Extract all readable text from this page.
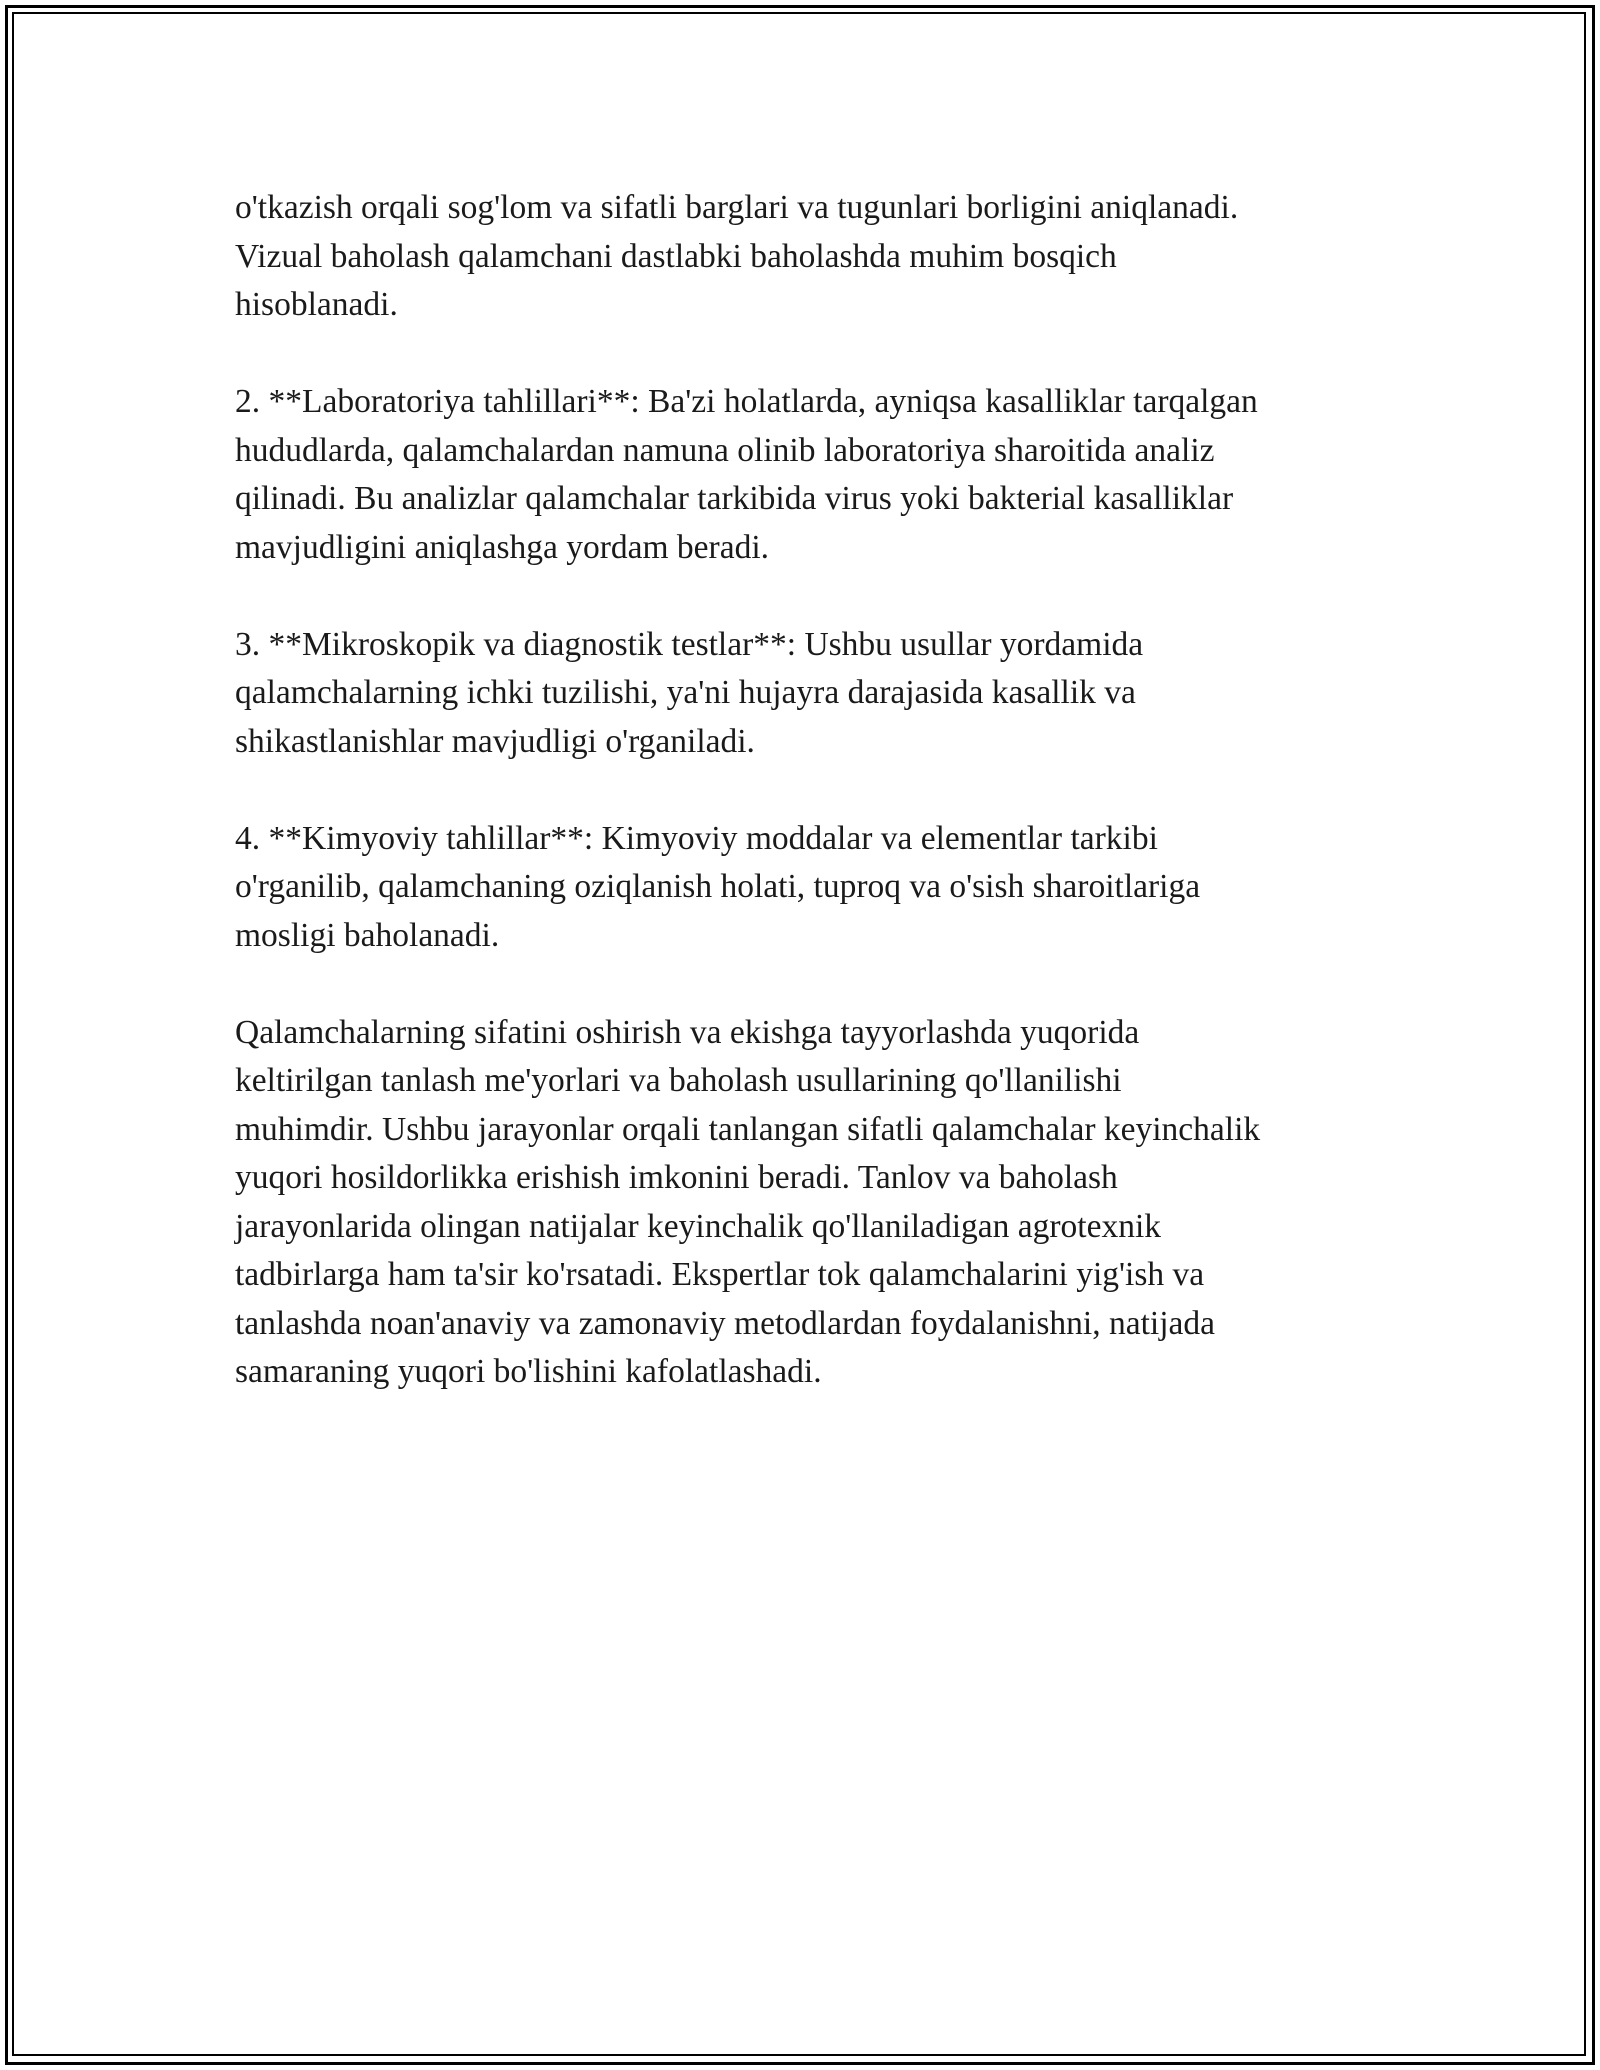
o'tkazish orqali sog'lom va sifatli barglari va tugunlari borligini aniqlanadi.
Vizual baholash qalamchani dastlabki baholashda muhim bosqich
hisoblanadi.

2. **Laboratoriya tahlillari**: Ba'zi holatlarda, ayniqsa kasalliklar tarqalgan
hududlarda, qalamchalardan namuna olinib laboratoriya sharoitida analiz
qilinadi. Bu analizlar qalamchalar tarkibida virus yoki bakterial kasalliklar
mavjudligini aniqlashga yordam beradi.

3. **Mikroskopik va diagnostik testlar**: Ushbu usullar yordamida
qalamchalarning ichki tuzilishi, ya'ni hujayra darajasida kasallik va
shikastlanishlar mavjudligi o'rganiladi.

4. **Kimyoviy tahlillar**: Kimyoviy moddalar va elementlar tarkibi
o'rganilib, qalamchaning oziqlanish holati, tuproq va o'sish sharoitlariga
mosligi baholanadi.

Qalamchalarning sifatini oshirish va ekishga tayyorlashda yuqorida
keltirilgan tanlash me'yorlari va baholash usullarining qo'llanilishi
muhimdir. Ushbu jarayonlar orqali tanlangan sifatli qalamchalar keyinchalik
yuqori hosildorlikka erishish imkonini beradi. Tanlov va baholash
jarayonlarida olingan natijalar keyinchalik qo'llaniladigan agrotexnik
tadbirlarga ham ta'sir ko'rsatadi. Ekspertlar tok qalamchalarini yig'ish va
tanlashda noan'anaviy va zamonaviy metodlardan foydalanishni, natijada
samaraning yuqori bo'lishini kafolatlashadi.
